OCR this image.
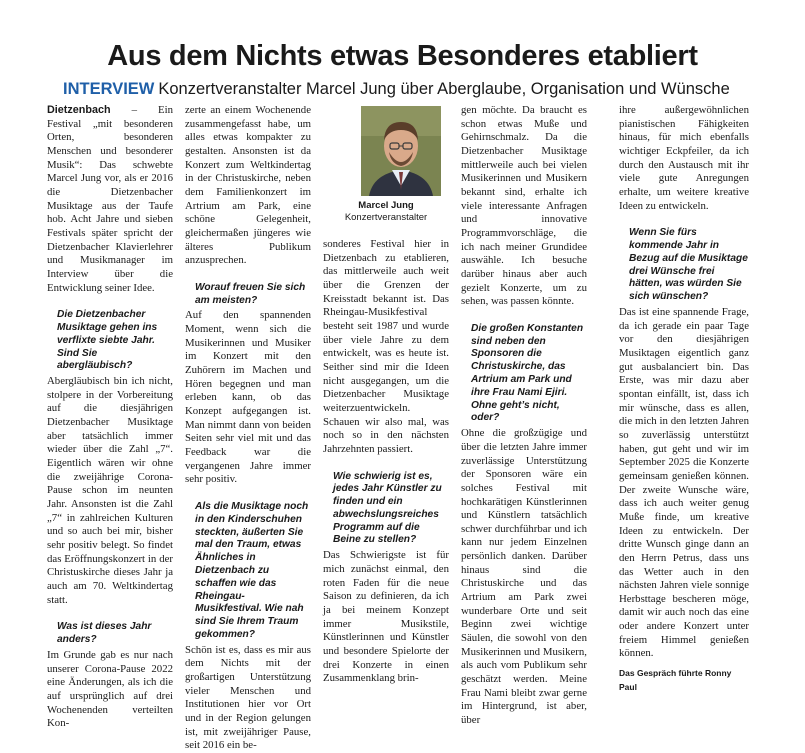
Aus dem Nichts etwas Besonderes etabliert
INTERVIEW Konzertveranstalter Marcel Jung über Aberglaube, Organisation und Wünsche

Dietzenbach – Ein Festival „mit besonderen Orten, besonderen Menschen und besonderer Musik“: Das schwebte Marcel Jung vor, als er 2016 die Dietzenbacher Musiktage aus der Taufe hob. Acht Jahre und sieben Festivals später spricht der Dietzenbacher Klavierlehrer und Musikmanager im Interview über die Entwicklung seiner Idee.

Die Dietzenbacher Musiktage gehen ins verflixte siebte Jahr. Sind Sie abergläubisch?

Abergläubisch bin ich nicht, stolpere in der Vorbereitung auf die diesjährigen Dietzenbacher Musiktage aber tatsächlich immer wieder über die Zahl „7“. Eigentlich wären wir ohne die zweijährige Corona-Pause schon im neunten Jahr. Ansonsten ist die Zahl „7“ in zahlreichen Kulturen und so auch bei mir, bisher sehr positiv belegt. So findet das Eröffnungskonzert in der Christuskirche dieses Jahr ja auch am 70. Weltkindertag statt.

Was ist dieses Jahr anders?

Im Grunde gab es nur nach unserer Corona-Pause 2022 eine Änderungen, als ich die auf ursprünglich auf drei Wochenenden verteilten Kon-

zerte an einem Wochenende zusammengefasst habe, um alles etwas kompakter zu gestalten. Ansonsten ist da Konzert zum Weltkindertag in der Christuskirche, neben dem Familienkonzert im Artrium am Park, eine schöne Gelegenheit, gleichermaßen jüngeres wie älteres Publikum anzusprechen.

Worauf freuen Sie sich am meisten?

Auf den spannenden Moment, wenn sich die Musikerinnen und Musiker im Konzert mit den Zuhörern im Machen und Hören begegnen und man erleben kann, ob das Konzept aufgegangen ist. Man nimmt dann von beiden Seiten sehr viel mit und das Feedback war die vergangenen Jahre immer sehr positiv.

Als die Musiktage noch in den Kinderschuhen steckten, äußerten Sie mal den Traum, etwas Ähnliches in Dietzenbach zu schaffen wie das Rheingau-Musikfestival. Wie nah sind Sie Ihrem Traum gekommen?

Schön ist es, dass es mir aus dem Nichts mit der großartigen Unterstützung vieler Menschen und Institutionen hier vor Ort und in der Region gelungen ist, mit zweijähriger Pause, seit 2016 ein be-

Marcel Jung
Konzertveranstalter

sonderes Festival hier in Dietzenbach zu etablieren, das mittlerweile auch weit über die Grenzen der Kreisstadt bekannt ist. Das Rheingau-Musikfestival besteht seit 1987 und wurde über viele Jahre zu dem entwickelt, was es heute ist. Seither sind mir die Ideen nicht ausgegangen, um die Dietzenbacher Musiktage weiterzuentwickeln. Schauen wir also mal, was noch so in den nächsten Jahrzehnten passiert.

Wie schwierig ist es, jedes Jahr Künstler zu finden und ein abwechslungsreiches Programm auf die Beine zu stellen?

Das Schwierigste ist für mich zunächst einmal, den roten Faden für die neue Saison zu definieren, da ich ja bei meinem Konzept immer Musikstile, Künstlerinnen und Künstler und besondere Spielorte der drei Konzerte in einen Zusammenklang brin-

gen möchte. Da braucht es schon etwas Muße und Gehirnschmalz. Da die Dietzenbacher Musiktage mittlerweile auch bei vielen Musikerinnen und Musikern bekannt sind, erhalte ich viele interessante Anfragen und innovative Programmvorschläge, die ich nach meiner Grundidee auswähle. Ich besuche darüber hinaus aber auch gezielt Konzerte, um zu sehen, was passen könnte.

Die großen Konstanten sind neben den Sponsoren die Christuskirche, das Artrium am Park und ihre Frau Nami Ejiri. Ohne geht’s nicht, oder?

Ohne die großzügige und über die letzten Jahre immer zuverlässige Unterstützung der Sponsoren wäre ein solches Festival mit hochkarätigen Künstlerinnen und Künstlern tatsächlich schwer durchführbar und ich kann nur jedem Einzelnen persönlich danken. Darüber hinaus sind die Christuskirche und das Artrium am Park zwei wunderbare Orte und seit Beginn zwei wichtige Säulen, die sowohl von den Musikerinnen und Musikern, als auch vom Publikum sehr geschätzt werden. Meine Frau Nami bleibt zwar gerne im Hintergrund, ist aber, über

ihre außergewöhnlichen pianistischen Fähigkeiten hinaus, für mich ebenfalls wichtiger Eckpfeiler, da ich durch den Austausch mit ihr viele gute Anregungen erhalte, um weitere kreative Ideen zu entwickeln.

Wenn Sie fürs kommende Jahr in Bezug auf die Musiktage drei Wünsche frei hätten, was würden Sie sich wünschen?

Das ist eine spannende Frage, da ich gerade ein paar Tage vor den diesjährigen Musiktagen eigentlich ganz gut ausbalanciert bin. Das Erste, was mir dazu aber spontan einfällt, ist, dass ich mir wünsche, dass es allen, die mich in den letzten Jahren so zuverlässig unterstützt haben, gut geht und wir im September 2025 die Konzerte gemeinsam genießen können. Der zweite Wunsche wäre, dass ich auch weiter genug Muße finde, um kreative Ideen zu entwickeln. Der dritte Wunsch ginge dann an den Herrn Petrus, dass uns das Wetter auch in den nächsten Jahren viele sonnige Herbsttage bescheren möge, damit wir auch noch das eine oder andere Konzert unter freiem Himmel genießen können.

Das Gespräch führte Ronny Paul
